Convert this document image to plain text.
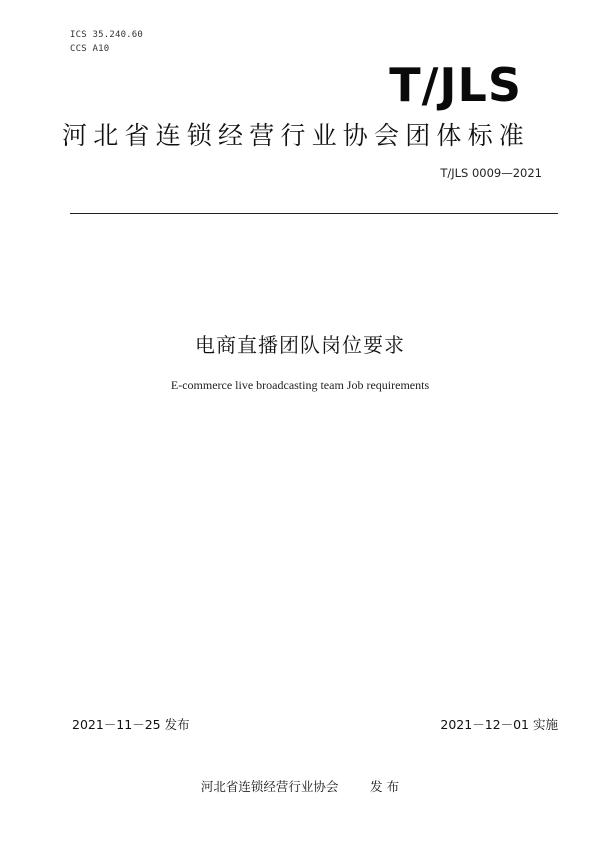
ICS 35.240.60
CCS A10
T/JLS
河北省连锁经营行业协会团体标准
T/JLS 0009—2021
电商直播团队岗位要求
E-commerce live broadcasting team Job requirements
2021－11－25 发布	2021－12－01 实施
河北省连锁经营行业协会	发 布
